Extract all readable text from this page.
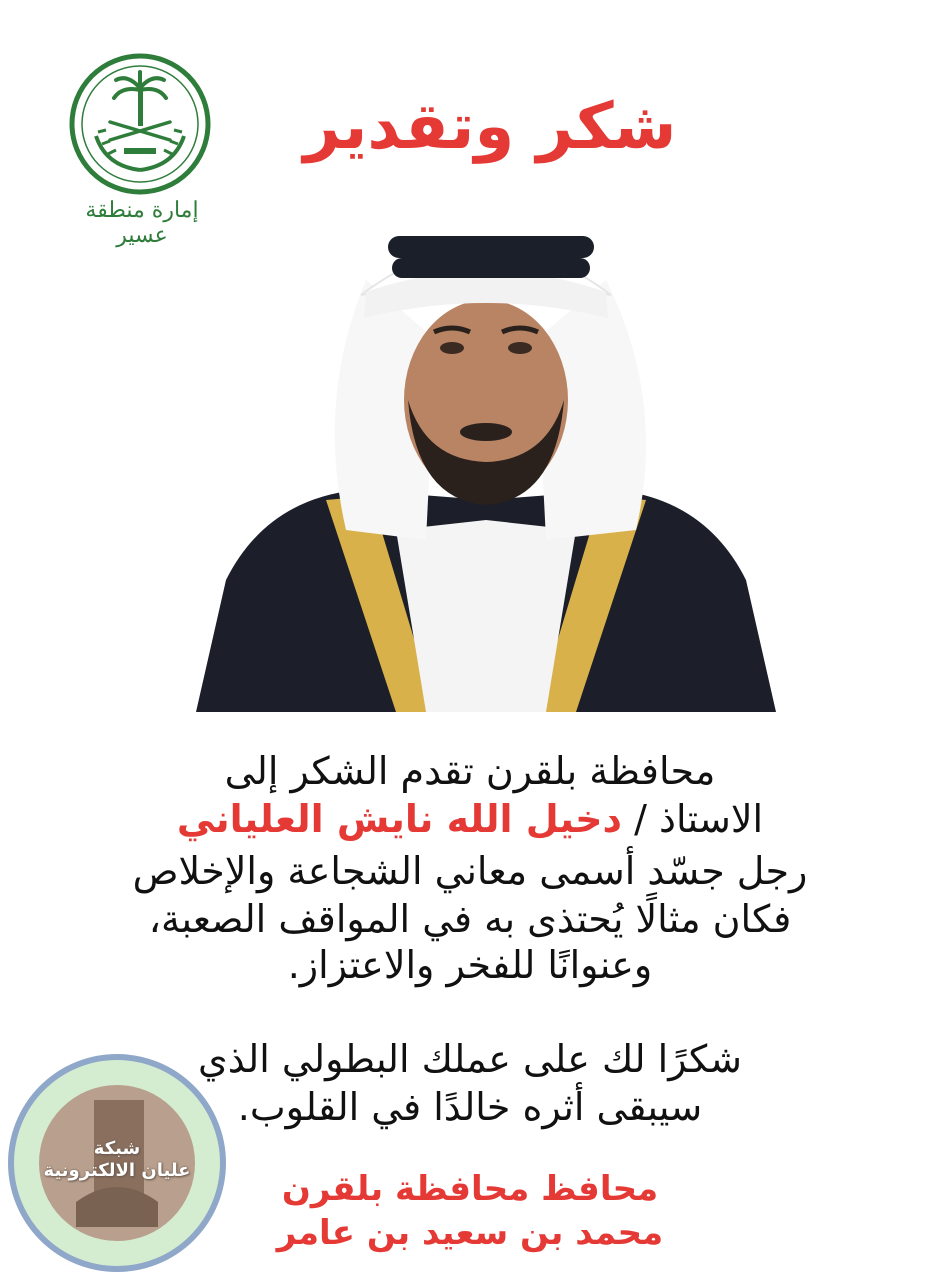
شكر وتقدير
إمارة منطقة عسير
محافظة بلقرن تقدم الشكر إلى
الاستاذ / دخيل الله نايش العلياني
رجل جسّد أسمى معاني الشجاعة والإخلاص
فكان مثالًا يُحتذى به في المواقف الصعبة،
وعنوانًا للفخر والاعتزاز.
شكرًا لك على عملك البطولي الذي
سيبقى أثره خالدًا في القلوب.
محافظ محافظة بلقرن
محمد بن سعيد بن عامر
شبكة
عليان الالكترونية
